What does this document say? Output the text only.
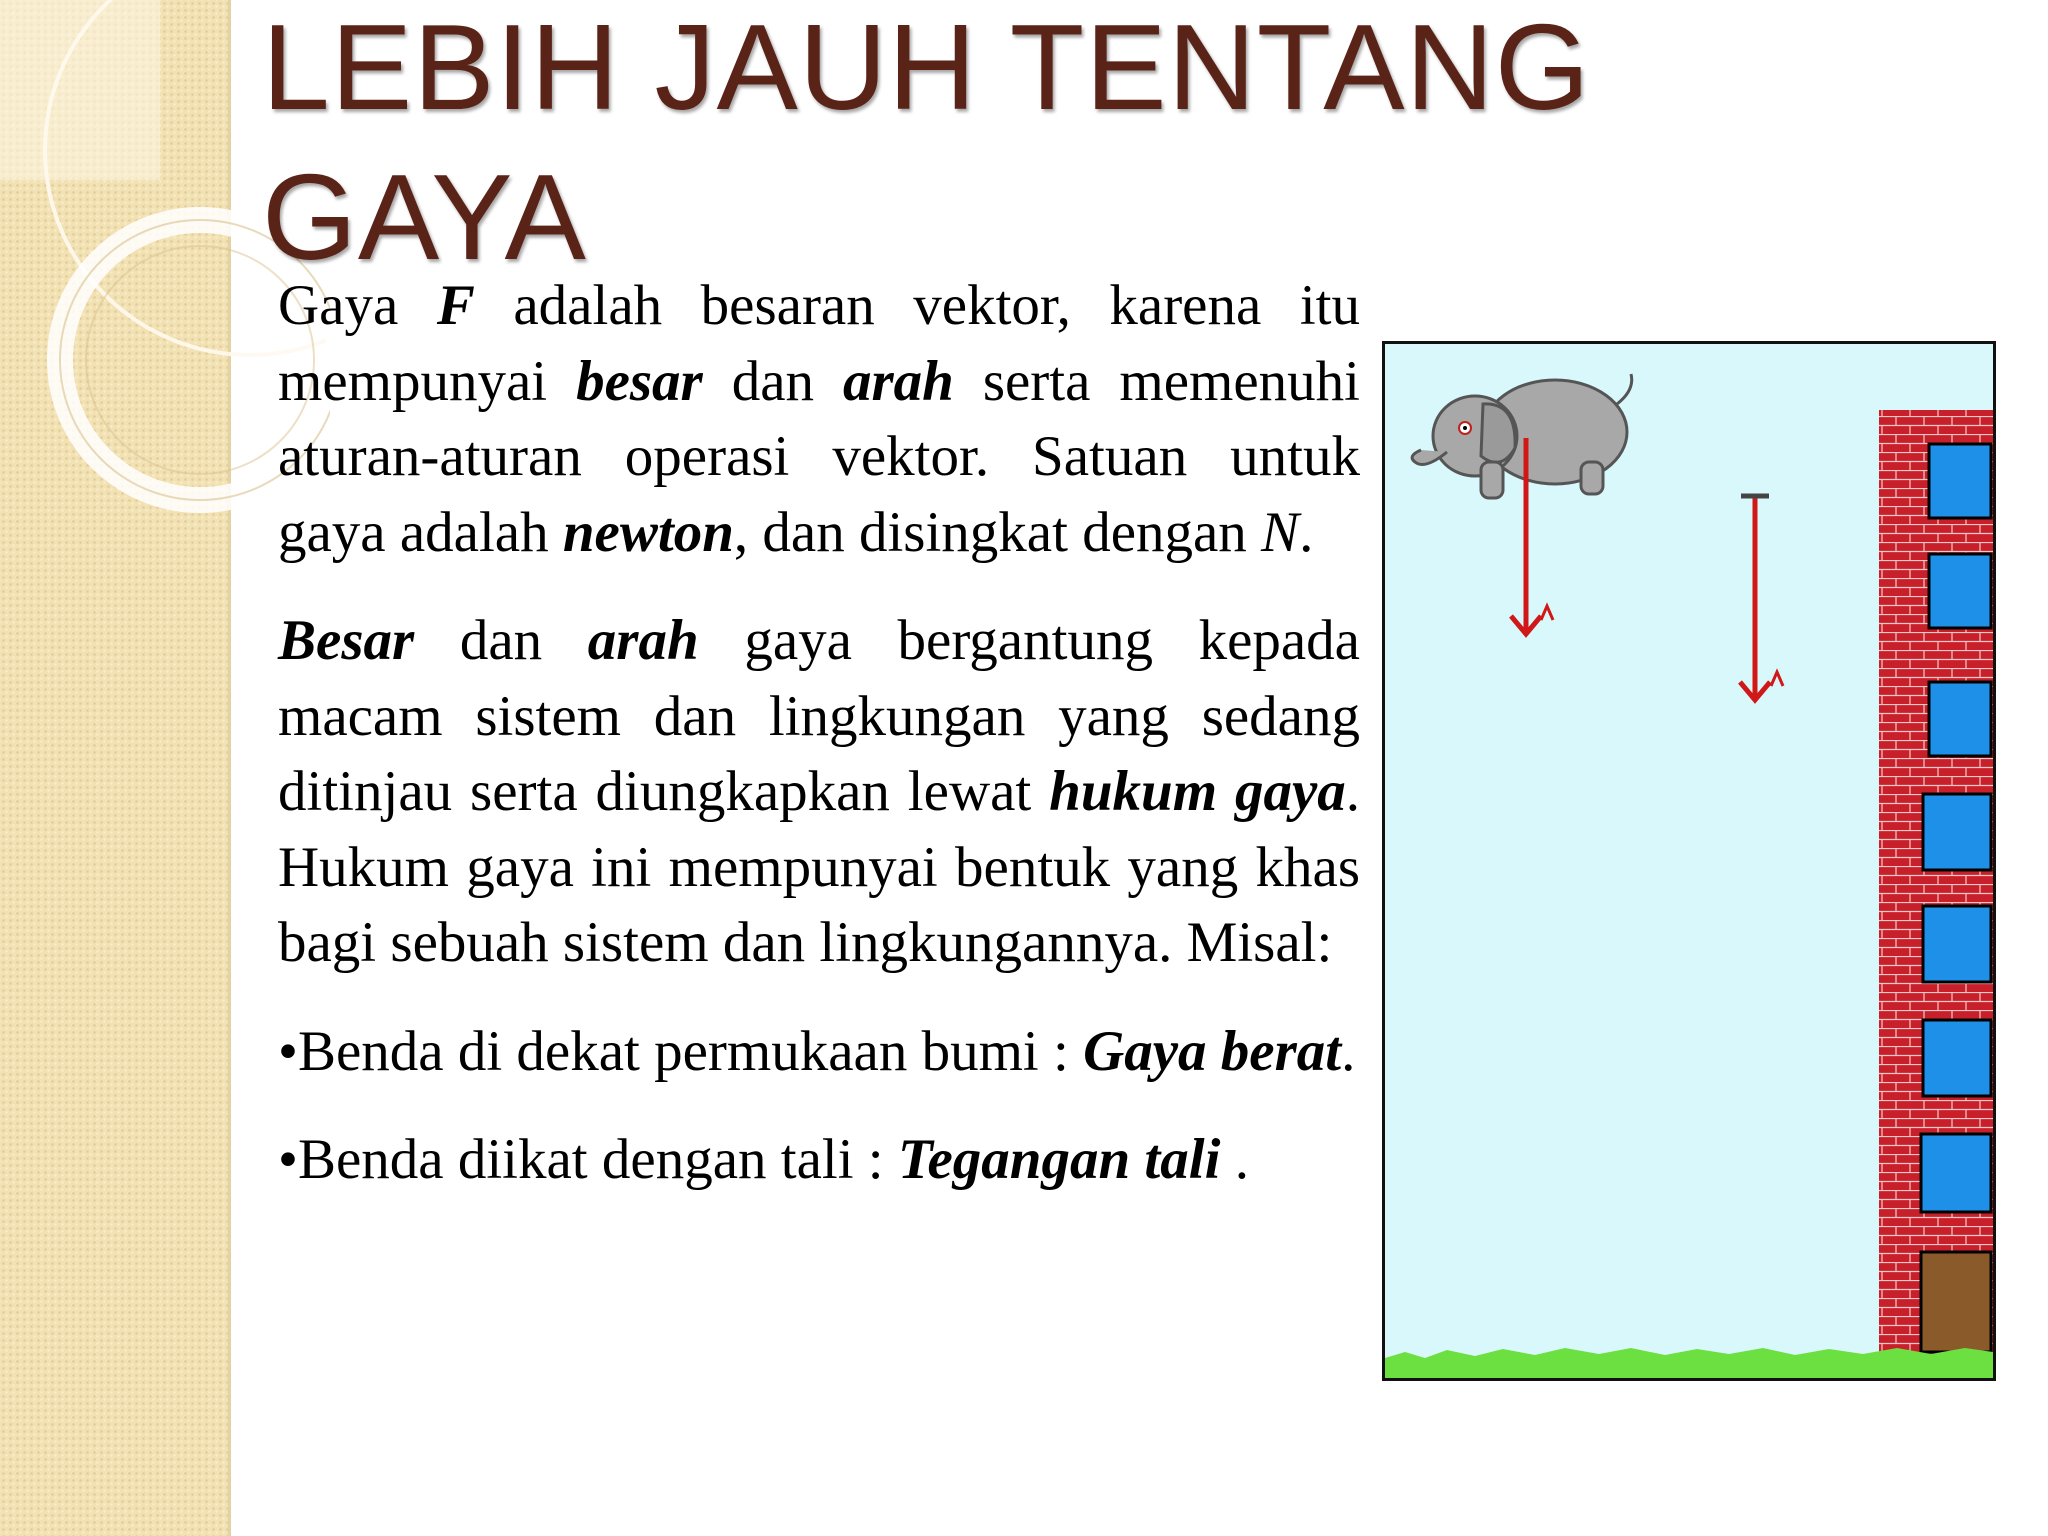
LEBIH JAUH TENTANG
GAYA

Gaya F adalah besaran vektor, karena itu mempunyai besar dan arah serta memenuhi aturan-aturan operasi vektor. Satuan untuk gaya adalah newton, dan disingkat dengan N.

Besar dan arah gaya bergantung kepada macam sistem dan lingkungan yang sedang ditinjau serta diungkapkan lewat hukum gaya. Hukum gaya ini mempunyai bentuk yang khas bagi sebuah sistem dan lingkungannya. Misal:

•Benda di dekat permukaan bumi : Gaya berat.

•Benda diikat dengan tali : Tegangan tali .
